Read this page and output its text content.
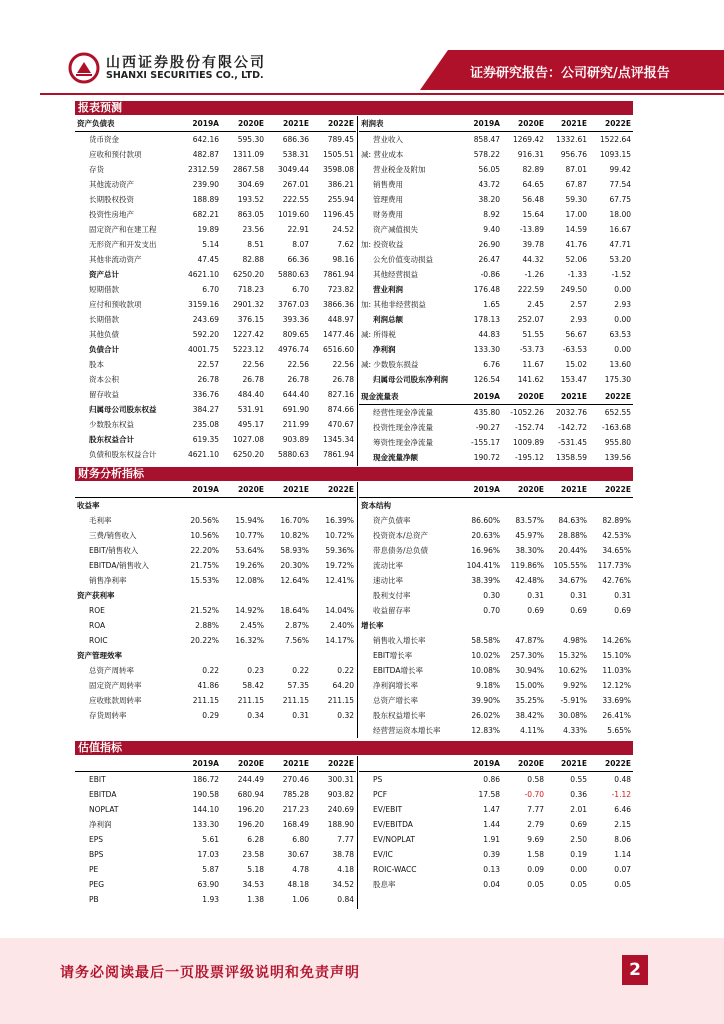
山西证券股份有限公司
SHANXI SECURITIES CO., LTD.	证券研究报告：公司研究/点评报告
报表预测
资产负债表	2019A	2020E	2021E	2022E
货币资金	642.16	595.30	686.36	789.45
应收和预付款项	482.87	1311.09	538.31	1505.51
存货	2312.59	2867.58	3049.44	3598.08
其他流动资产	239.90	304.69	267.01	386.21
长期股权投资	188.89	193.52	222.55	255.94
投资性房地产	682.21	863.05	1019.60	1196.45
固定资产和在建工程	19.89	23.56	22.91	24.52
无形资产和开发支出	5.14	8.51	8.07	7.62
其他非流动资产	47.45	82.88	66.36	98.16
资产总计	4621.10	6250.20	5880.63	7861.94
短期借款	6.70	718.23	6.70	723.82
应付和预收款项	3159.16	2901.32	3767.03	3866.36
长期借款	243.69	376.15	393.36	448.97
其他负债	592.20	1227.42	809.65	1477.46
负债合计	4001.75	5223.12	4976.74	6516.60
股本	22.57	22.56	22.56	22.56
资本公积	26.78	26.78	26.78	26.78
留存收益	336.76	484.40	644.40	827.16
归属母公司股东权益	384.27	531.91	691.90	874.66
少数股东权益	235.08	495.17	211.99	470.67
股东权益合计	619.35	1027.08	903.89	1345.34
负债和股东权益合计	4621.10	6250.20	5880.63	7861.94
利润表	2019A	2020E	2021E	2022E
营业收入	858.47	1269.42	1332.61	1522.64
减: 营业成本	578.22	916.31	956.76	1093.15
营业税金及附加	56.05	82.89	87.01	99.42
销售费用	43.72	64.65	67.87	77.54
管理费用	38.20	56.48	59.30	67.75
财务费用	8.92	15.64	17.00	18.00
资产减值损失	9.40	-13.89	14.59	16.67
加: 投资收益	26.90	39.78	41.76	47.71
公允价值变动损益	26.47	44.32	52.06	53.20
其他经营损益	-0.86	-1.26	-1.33	-1.52
营业利润	176.48	222.59	249.50	0.00
加: 其他非经营损益	1.65	2.45	2.57	2.93
利润总额	178.13	252.07	2.93	0.00
减: 所得税	44.83	51.55	56.67	63.53
净利润	133.30	-53.73	-63.53	0.00
减: 少数股东损益	6.76	11.67	15.02	13.60
归属母公司股东净利润	126.54	141.62	153.47	175.30
现金流量表	2019A	2020E	2021E	2022E
经营性现金净流量	435.80	-1052.26	2032.76	652.55
投资性现金净流量	-90.27	-152.74	-142.72	-163.68
筹资性现金净流量	-155.17	1009.89	-531.45	955.80
现金流量净额	190.72	-195.12	1358.59	139.56
财务分析指标
	2019A	2020E	2021E	2022E
收益率				
毛利率	20.56%	15.94%	16.70%	16.39%
三费/销售收入	10.56%	10.77%	10.82%	10.72%
EBIT/销售收入	22.20%	53.64%	58.93%	59.36%
EBITDA/销售收入	21.75%	19.26%	20.30%	19.72%
销售净利率	15.53%	12.08%	12.64%	12.41%
资产获利率				
ROE	21.52%	14.92%	18.64%	14.04%
ROA	2.88%	2.45%	2.87%	2.40%
ROIC	20.22%	16.32%	7.56%	14.17%
资产管理效率				
总资产周转率	0.22	0.23	0.22	0.22
固定资产周转率	41.86	58.42	57.35	64.20
应收账款周转率	211.15	211.15	211.15	211.15
存货周转率	0.29	0.34	0.31	0.32
	2019A	2020E	2021E	2022E
资本结构				
资产负债率	86.60%	83.57%	84.63%	82.89%
投资资本/总资产	20.63%	45.97%	28.88%	42.53%
带息债务/总负债	16.96%	38.30%	20.44%	34.65%
流动比率	104.41%	119.86%	105.55%	117.73%
速动比率	38.39%	42.48%	34.67%	42.76%
股利支付率	0.30	0.31	0.31	0.31
收益留存率	0.70	0.69	0.69	0.69
增长率				
销售收入增长率	58.58%	47.87%	4.98%	14.26%
EBIT增长率	10.02%	257.30%	15.32%	15.10%
EBITDA增长率	10.08%	30.94%	10.62%	11.03%
净利润增长率	9.18%	15.00%	9.92%	12.12%
总资产增长率	39.90%	35.25%	-5.91%	33.69%
股东权益增长率	26.02%	38.42%	30.08%	26.41%
经营营运资本增长率	12.83%	4.11%	4.33%	5.65%
估值指标
	2019A	2020E	2021E	2022E
EBIT	186.72	244.49	270.46	300.31
EBITDA	190.58	680.94	785.28	903.82
NOPLAT	144.10	196.20	217.23	240.69
净利润	133.30	196.20	168.49	188.90
EPS	5.61	6.28	6.80	7.77
BPS	17.03	23.58	30.67	38.78
PE	5.87	5.18	4.78	4.18
PEG	63.90	34.53	48.18	34.52
PB	1.93	1.38	1.06	0.84
	2019A	2020E	2021E	2022E
PS	0.86	0.58	0.55	0.48
PCF	17.58	-0.70	0.36	-1.12
EV/EBIT	1.47	7.77	2.01	6.46
EV/EBITDA	1.44	2.79	0.69	2.15
EV/NOPLAT	1.91	9.69	2.50	8.06
EV/IC	0.39	1.58	0.19	1.14
ROIC-WACC	0.13	0.09	0.00	0.07
股息率	0.04	0.05	0.05	0.05
请务必阅读最后一页股票评级说明和免责声明	2
